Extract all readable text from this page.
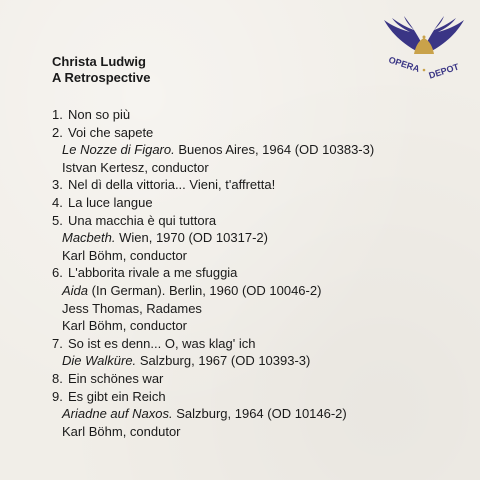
OPERA DEPOT
Christa Ludwig
A Retrospective
1. Non so più
2. Voi che sapete
Le Nozze di Figaro. Buenos Aires, 1964 (OD 10383-3)
Istvan Kertesz, conductor
3. Nel dì della vittoria... Vieni, t'affretta!
4. La luce langue
5. Una macchia è qui tuttora
Macbeth. Wien, 1970 (OD 10317-2)
Karl Böhm, conductor
6. L'abborita rivale a me sfuggia
Aida (In German). Berlin, 1960 (OD 10046-2)
Jess Thomas, Radames
Karl Böhm, conductor
7. So ist es denn... O, was klag' ich
Die Walküre. Salzburg, 1967 (OD 10393-3)
8. Ein schönes war
9. Es gibt ein Reich
Ariadne auf Naxos. Salzburg, 1964 (OD 10146-2)
Karl Böhm, condutor
